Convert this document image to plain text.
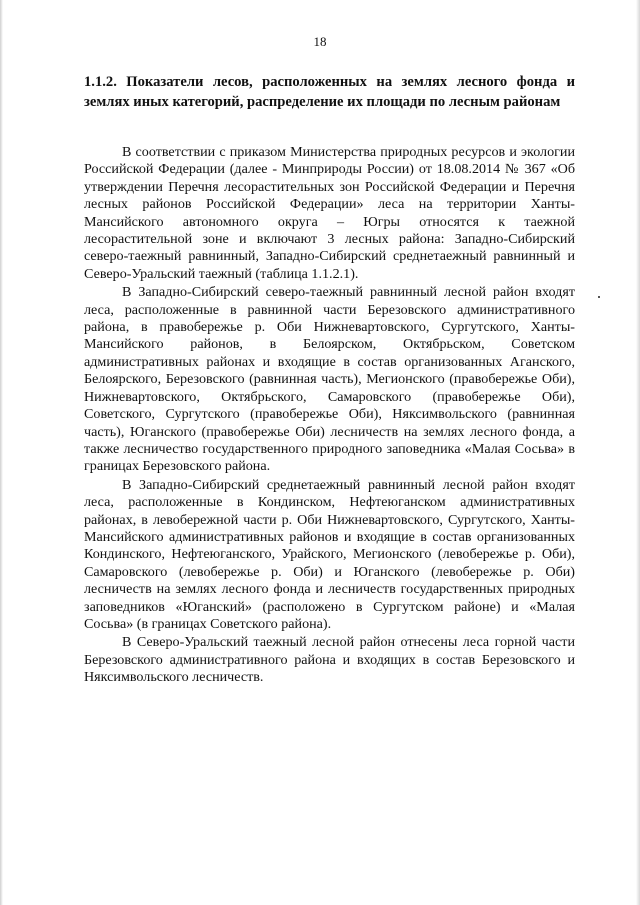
18
1.1.2. Показатели лесов, расположенных на землях лесного фонда и землях иных категорий, распределение их площади по лесным районам

В соответствии с приказом Министерства природных ресурсов и экологии Российской Федерации (далее - Минприроды России) от 18.08.2014 № 367 «Об утверждении Перечня лесорастительных зон Российской Федерации и Перечня лесных районов Российской Федерации» леса на территории Ханты-Мансийского автономного округа – Югры относятся к таежной лесорастительной зоне и включают 3 лесных района: Западно-Сибирский северо-таежный равнинный, Западно-Сибирский среднетаежный равнинный и Северо-Уральский таежный (таблица 1.1.2.1).

В Западно-Сибирский северо-таежный равнинный лесной район входят леса, расположенные в равнинной части Березовского административного района, в правобережье р. Оби Нижневартовского, Сургутского, Ханты-Мансийского районов, в Белоярском, Октябрьском, Советском административных районах и входящие в состав организованных Аганского, Белоярского, Березовского (равнинная часть), Мегионского (правобережье Оби), Нижневартовского, Октябрьского, Самаровского (правобережье Оби), Советского, Сургутского (правобережье Оби), Няксимвольского (равнинная часть), Юганского (правобережье Оби) лесничеств на землях лесного фонда, а также лесничество государственного природного заповедника «Малая Сосьва» в границах Березовского района.

В Западно-Сибирский среднетаежный равнинный лесной район входят леса, расположенные в Кондинском, Нефтеюганском административных районах, в левобережной части р. Оби Нижневартовского, Сургутского, Ханты-Мансийского административных районов и входящие в состав организованных Кондинского, Нефтеюганского, Урайского, Мегионского (левобережье р. Оби), Самаровского (левобережье р. Оби) и Юганского (левобережье р. Оби) лесничеств на землях лесного фонда и лесничеств государственных природных заповедников «Юганский» (расположено в Сургутском районе) и «Малая Сосьва» (в границах Советского района).

В Северо-Уральский таежный лесной район отнесены леса горной части Березовского административного района и входящих в состав Березовского и Няксимвольского лесничеств.
